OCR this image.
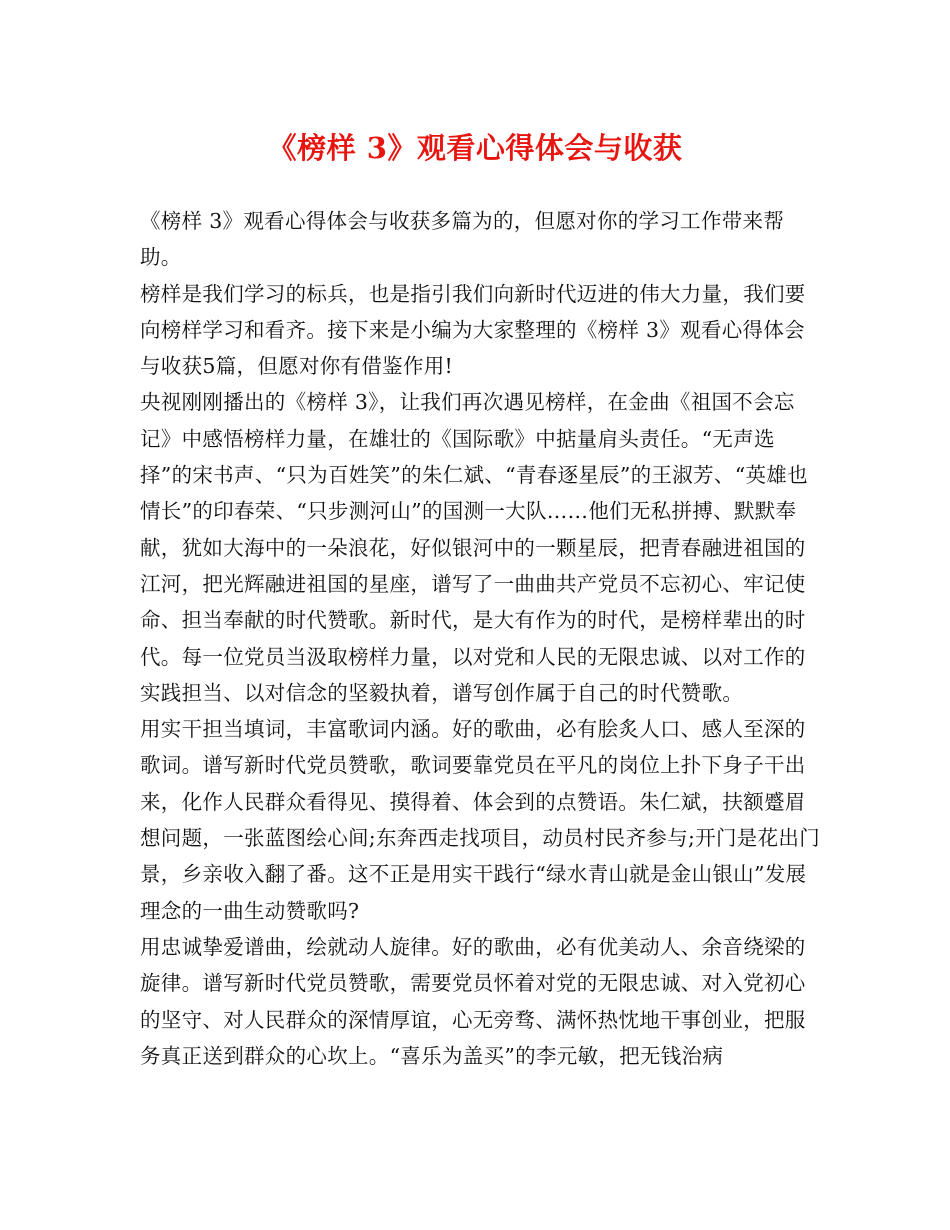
《榜样 3》观看心得体会与收获

《榜样 3》观看心得体会与收获多篇为的，但愿对你的学习工作带来帮助。

榜样是我们学习的标兵，也是指引我们向新时代迈进的伟大力量，我们要向榜样学习和看齐。接下来是小编为大家整理的《榜样 3》观看心得体会与收获5篇，但愿对你有借鉴作用!

央视刚刚播出的《榜样 3》，让我们再次遇见榜样，在金曲《祖国不会忘记》中感悟榜样力量，在雄壮的《国际歌》中掂量肩头责任。“无声选择”的宋书声、“只为百姓笑”的朱仁斌、“青春逐星辰”的王淑芳、“英雄也情长”的印春荣、“只步测河山”的国测一大队……他们无私拼搏、默默奉献，犹如大海中的一朵浪花，好似银河中的一颗星辰，把青春融进祖国的江河，把光辉融进祖国的星座，谱写了一曲曲共产党员不忘初心、牢记使命、担当奉献的时代赞歌。新时代，是大有作为的时代，是榜样辈出的时代。每一位党员当汲取榜样力量，以对党和人民的无限忠诚、以对工作的实践担当、以对信念的坚毅执着，谱写创作属于自己的时代赞歌。

用实干担当填词，丰富歌词内涵。好的歌曲，必有脍炙人口、感人至深的歌词。谱写新时代党员赞歌，歌词要靠党员在平凡的岗位上扑下身子干出来，化作人民群众看得见、摸得着、体会到的点赞语。朱仁斌，扶额蹙眉想问题，一张蓝图绘心间;东奔西走找项目，动员村民齐参与;开门是花出门景，乡亲收入翻了番。这不正是用实干践行“绿水青山就是金山银山”发展理念的一曲生动赞歌吗?

用忠诚挚爱谱曲，绘就动人旋律。好的歌曲，必有优美动人、余音绕梁的旋律。谱写新时代党员赞歌，需要党员怀着对党的无限忠诚、对入党初心的坚守、对人民群众的深情厚谊，心无旁骛、满怀热忱地干事创业，把服务真正送到群众的心坎上。“喜乐为盖买”的李元敏，把无钱治病
